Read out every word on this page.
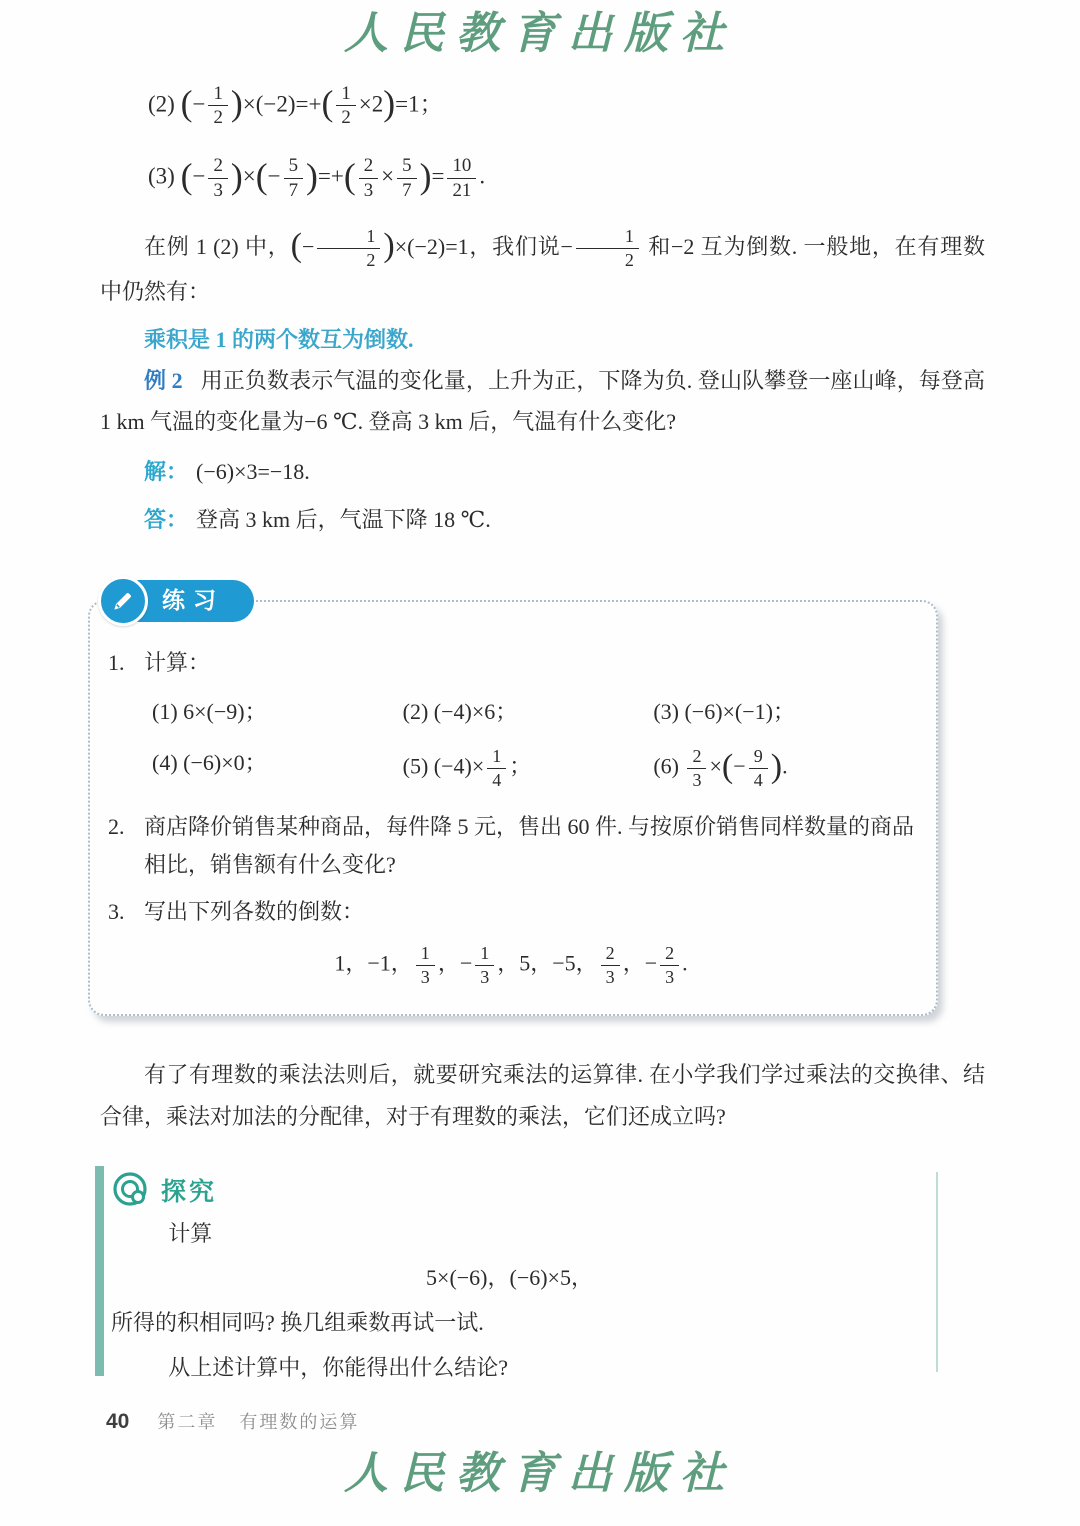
人民教育出版社
(2) (− $\frac{1}{2} )\times(-2)=+( \frac{1}{2} \times 2)=1$；
(3) (− $\frac{2}{3}$ )×(− $\frac{5}{7}$ )=+( $\frac{2}{3} \times \frac{5}{7}$ )= $\frac{10}{21}$ .

在例 1 (2) 中，(− $\frac{1}{2} )\times(-2)=1$，我们说− $\frac{1}{2}$ 和−2 互为倒数. 一般地，在有理数中仍然有：

乘积是 1 的两个数互为倒数.

例 2 用正负数表示气温的变化量，上升为正，下降为负. 登山队攀登一座山峰，每登高 1 km 气温的变化量为−6 ℃. 登高 3 km 后，气温有什么变化?

解： (−6)×3=−18.

答： 登高 3 km 后，气温下降 18 ℃.

练习
1. 计算：
(1) 6×(−9)；	(2) (−4)×6；	(3) (−6)×(−1)；
(4) (−6)×0；	(5) $(-4)\times \frac{1}{4}$ ；	$(6) \frac{2}{3}$ ×(− $\frac{9}{4}$ ).
2. 商店降价销售某种商品，每件降 5 元，售出 60 件. 与按原价销售同样数量的商品相比，销售额有什么变化?
3. 写出下列各数的倒数：
1，−1， $\frac{1}{3}$ ，− $\frac{1}{3}$ ，5，−5， $\frac{2}{3}$ ，− $\frac{2}{3}$ .

有了有理数的乘法法则后，就要研究乘法的运算律. 在小学我们学过乘法的交换律、结合律，乘法对加法的分配律，对于有理数的乘法，它们还成立吗?

探究

计算

5×(−6)，(−6)×5，

所得的积相同吗? 换几组乘数再试一试.

从上述计算中，你能得出什么结论?

40 第二章 有理数的运算
人民教育出版社
